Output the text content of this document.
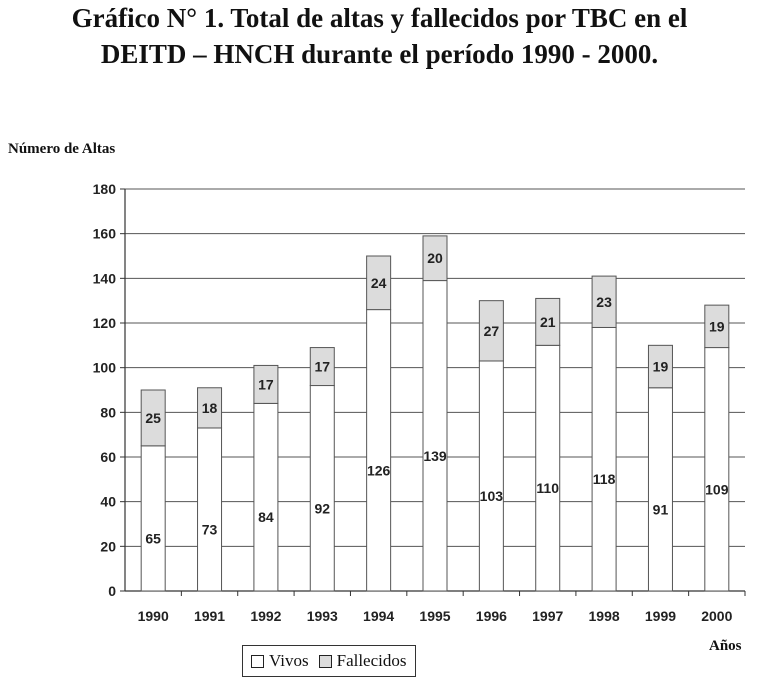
Gráfico N° 1. Total de altas y fallecidos por TBC en el
DEITD – HNCH durante el período 1990 - 2000.
Número de Altas
0
20
40
60
80
100
120
140
160
180
65
25
1990
73
18
1991
84
17
1992
92
17
1993
126
24
1994
139
20
1995
103
27
1996
110
21
1997
118
23
1998
91
19
1999
109
19
2000
Años
Vivos Fallecidos
